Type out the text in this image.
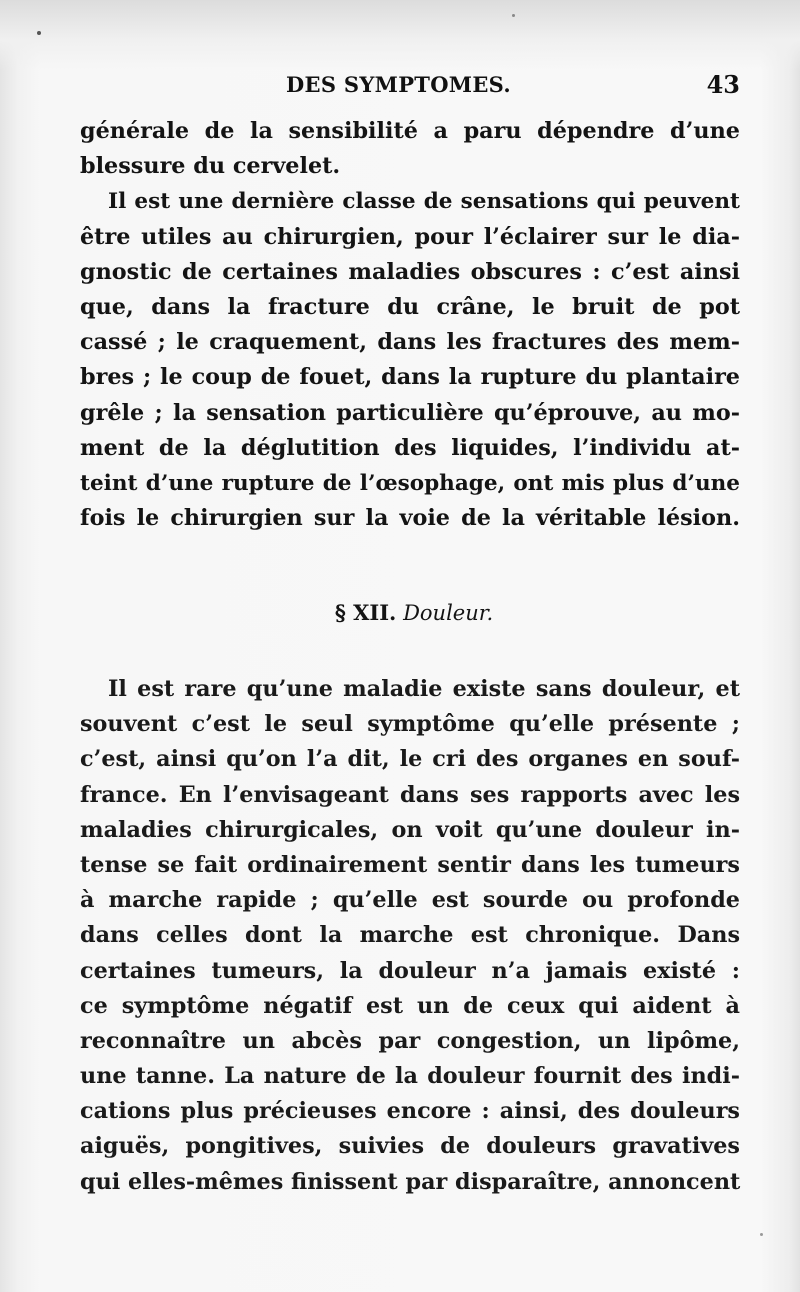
DES SYMPTOMES.	43
générale de la sensibilité a paru dépendre d’une
blessure du cervelet.
Il est une dernière classe de sensations qui peuvent
être utiles au chirurgien, pour l’éclairer sur le dia-
gnostic de certaines maladies obscures : c’est ainsi
que, dans la fracture du crâne, le bruit de pot
cassé ; le craquement, dans les fractures des mem-
bres ; le coup de fouet, dans la rupture du plantaire
grêle ; la sensation particulière qu’éprouve, au mo-
ment de la déglutition des liquides, l’individu at-
teint d’une rupture de l’œsophage, ont mis plus d’une
fois le chirurgien sur la voie de la véritable lésion.
§ XII. Douleur.
Il est rare qu’une maladie existe sans douleur, et
souvent c’est le seul symptôme qu’elle présente ;
c’est, ainsi qu’on l’a dit, le cri des organes en souf-
france. En l’envisageant dans ses rapports avec les
maladies chirurgicales, on voit qu’une douleur in-
tense se fait ordinairement sentir dans les tumeurs
à marche rapide ; qu’elle est sourde ou profonde
dans celles dont la marche est chronique. Dans
certaines tumeurs, la douleur n’a jamais existé :
ce symptôme négatif est un de ceux qui aident à
reconnaître un abcès par congestion, un lipôme,
une tanne. La nature de la douleur fournit des indi-
cations plus précieuses encore : ainsi, des douleurs
aiguës, pongitives, suivies de douleurs gravatives
qui elles-mêmes finissent par disparaître, annoncent
